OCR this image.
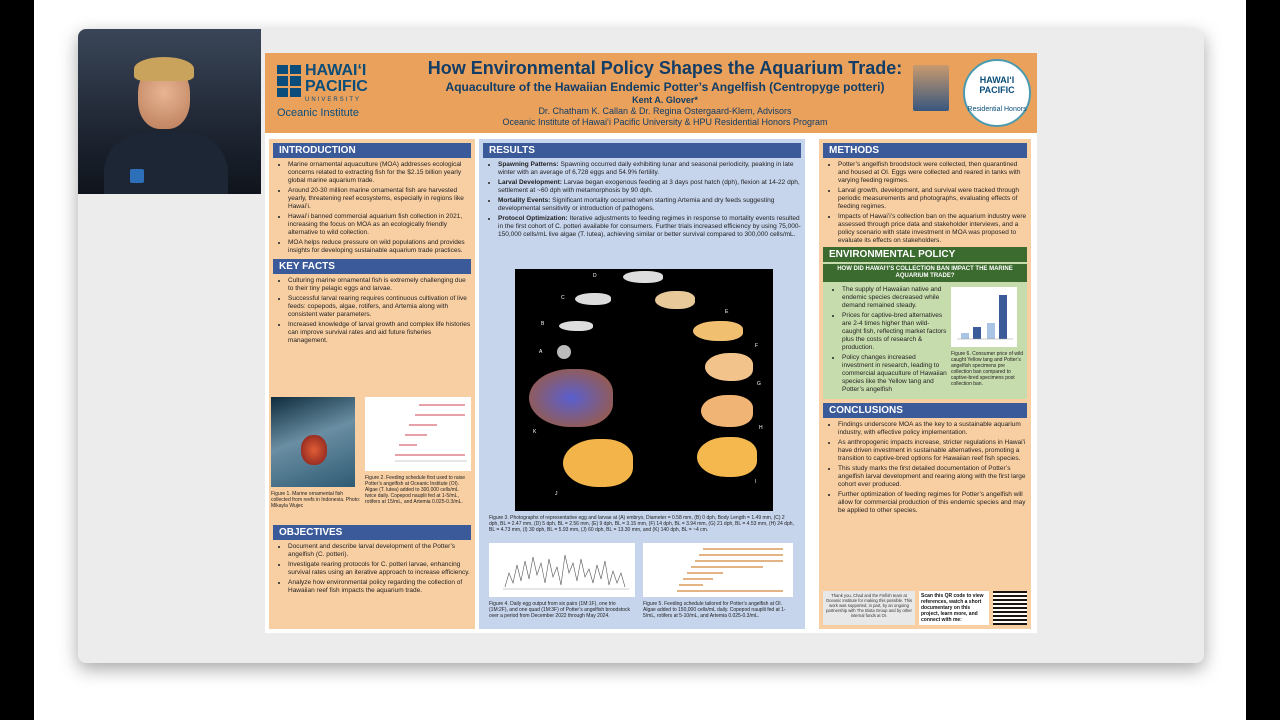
HAWAIʻI PACIFIC
UNIVERSITY
Oceanic Institute
How Environmental Policy Shapes the Aquarium Trade:
Aquaculture of the Hawaiian Endemic Potter’s Angelfish (Centropyge potteri)
Kent A. Glover*
Dr. Chatham K. Callan & Dr. Regina Ostergaard-Klem, Advisors
Oceanic Institute of Hawaiʻi Pacific University & HPU Residential Honors Program
HAWAIʻI PACIFIC
Residential Honors
INTRODUCTION
• Marine ornamental aquaculture (MOA) addresses ecological concerns related to extracting fish for the $2.15 billion yearly global marine aquarium trade.
• Around 20-30 million marine ornamental fish are harvested yearly, threatening reef ecosystems, especially in regions like Hawaiʻi.
• Hawaiʻi banned commercial aquarium fish collection in 2021, increasing the focus on MOA as an ecologically friendly alternative to wild collection.
• MOA helps reduce pressure on wild populations and provides insights for developing sustainable aquarium trade practices.
KEY FACTS
• Culturing marine ornamental fish is extremely challenging due to their tiny pelagic eggs and larvae.
• Successful larval rearing requires continuous cultivation of live feeds: copepods, algae, rotifers, and Artemia along with consistent water parameters.
• Increased knowledge of larval growth and complex life histories can improve survival rates and aid future fisheries management.
Figure 1. Marine ornamental fish collected from reefs in Indonesia. Photo: Mikayla Wujec
Figure 2. Feeding schedule first used to raise Potter’s angelfish at Oceanic Institute (OI). Algae (T. lutea) added to 300,000 cells/mL twice daily. Copepod nauplii fed at 1-5/mL, rotifers at 15/mL, and Artemia 0.025-0.3/mL.
OBJECTIVES
• Document and describe larval development of the Potter’s angelfish (C. potteri).
• Investigate rearing protocols for C. potteri larvae, enhancing survival rates using an iterative approach to increase efficiency.
• Analyze how environmental policy regarding the collection of Hawaiian reef fish impacts the aquarium trade.
RESULTS
• Spawning Patterns: Spawning occurred daily exhibiting lunar and seasonal periodicity, peaking in late winter with an average of 6,728 eggs and 54.9% fertility.
• Larval Development: Larvae began exogenous feeding at 3 days post hatch (dph), flexion at 14-22 dph, settlement at ~60 dph with metamorphosis by 90 dph.
• Mortality Events: Significant mortality occurred when starting Artemia and dry feeds suggesting developmental sensitivity or introduction of pathogens.
• Protocol Optimization: Iterative adjustments to feeding regimes in response to mortality events resulted in the first cohort of C. potteri available for consumers. Further trials increased efficiency by using 75,000-150,000 cells/mL live algae (T. lutea), achieving similar or better survival compared to 300,000 cells/mL.
A
B
C
D
E
F
G
H
I
J
K
Figure 3. Photographs of representative egg and larvae at (A) embryo, Diameter = 0.58 mm, (B) 0 dph, Body Length = 1.49 mm, (C) 2 dph, BL = 2.47 mm, (D) 5 dph, BL = 2.56 mm, (E) 9 dph, BL = 3.15 mm, (F) 14 dph, BL = 3.94 mm, (G) 21 dph, BL = 4.53 mm, (H) 24 dph, BL = 4.73 mm, (I) 30 dph, BL = 5.93 mm, (J) 60 dph, BL = 13.30 mm, and (K) 140 dph, BL = ~4 cm.
Figure 4. Daily egg output from six pairs (1M:1F), one trio (1M:2F), and one quad (1M:3F) of Potter’s angelfish broodstock over a period from December 2022 through May 2024.
Figure 5. Feeding schedule tailored for Potter’s angelfish at OI. Algae added to 150,000 cells/mL daily. Copepod nauplii fed at 1-5/mL, rotifers at 5-10/mL, and Artemia 0.025-0.3/mL.
METHODS
• Potter’s angelfish broodstock were collected, then quarantined and housed at OI. Eggs were collected and reared in tanks with varying feeding regimes.
• Larval growth, development, and survival were tracked through periodic measurements and photographs, evaluating effects of feeding regimes.
• Impacts of Hawaiʻi’s collection ban on the aquarium industry were assessed through price data and stakeholder interviews, and a policy scenario with state investment in MOA was proposed to evaluate its effects on stakeholders.
ENVIRONMENTAL POLICY
HOW DID HAWAIʻI’S COLLECTION BAN IMPACT THE MARINE AQUARIUM TRADE?
• The supply of Hawaiian native and endemic species decreased while demand remained steady.
• Prices for captive-bred alternatives are 2-4 times higher than wild-caught fish, reflecting market factors plus the costs of research & production.
• Policy changes increased investment in research, leading to commercial aquaculture of Hawaiian species like the Yellow tang and Potter’s angelfish
Figure 6. Consumer price of wild caught Yellow tang and Potter’s angelfish specimens pre collection ban compared to captive-bred specimens post collection ban.
CONCLUSIONS
• Findings underscore MOA as the key to a sustainable aquarium industry, with effective policy implementation.
• As anthropogenic impacts increase, stricter regulations in Hawaiʻi have driven investment in sustainable alternatives, promoting a transition to captive-bred options for Hawaiian reef fish species.
• This study marks the first detailed documentation of Potter’s angelfish larval development and rearing along with the first large cohort ever produced.
• Further optimization of feeding regimes for Potter’s angelfish will allow for commercial production of this endemic species and may be applied to other species.
Thank you, Chad and the Finfish team at Oceanic Institute for making this possible. This work was supported, in part, by an ongoing partnership with The Biota Group and by other internal funds at OI.
Scan this QR code to view references, watch a short documentary on this project, learn more, and connect with me:
